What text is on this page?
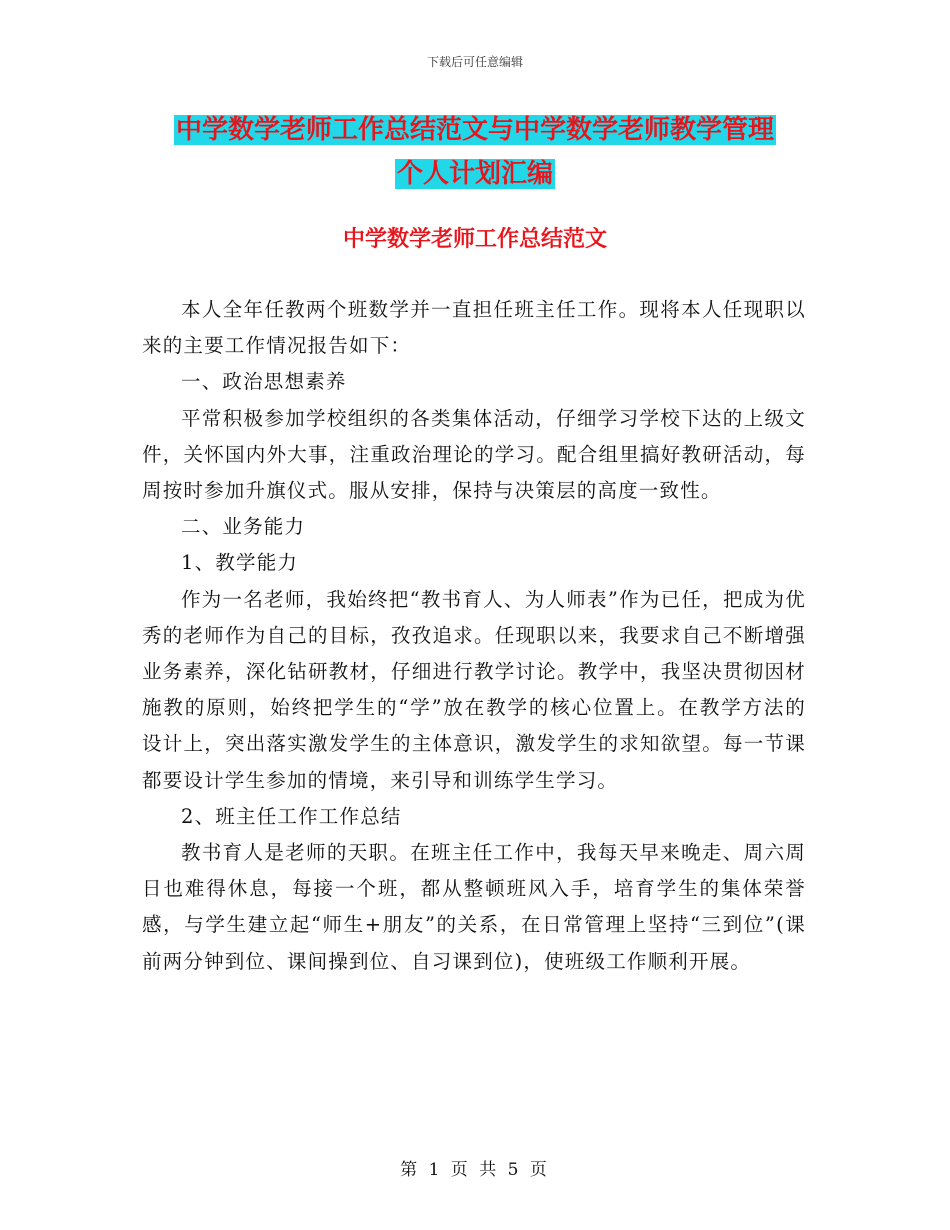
下载后可任意编辑
中学数学老师工作总结范文与中学数学老师教学管理
个人计划汇编
中学数学老师工作总结范文

本人全年任教两个班数学并一直担任班主任工作。现将本人任现职以来的主要工作情况报告如下：

一、政治思想素养

平常积极参加学校组织的各类集体活动，仔细学习学校下达的上级文件，关怀国内外大事，注重政治理论的学习。配合组里搞好教研活动，每周按时参加升旗仪式。服从安排，保持与决策层的高度一致性。

二、业务能力

1、教学能力

作为一名老师，我始终把“教书育人、为人师表”作为已任，把成为优秀的老师作为自己的目标，孜孜追求。任现职以来，我要求自己不断增强业务素养，深化钻研教材，仔细进行教学讨论。教学中，我坚决贯彻因材施教的原则，始终把学生的“学”放在教学的核心位置上。在教学方法的设计上，突出落实激发学生的主体意识，激发学生的求知欲望。每一节课都要设计学生参加的情境，来引导和训练学生学习。

2、班主任工作工作总结

教书育人是老师的天职。在班主任工作中，我每天早来晚走、周六周日也难得休息，每接一个班，都从整顿班风入手，培育学生的集体荣誉感，与学生建立起“师生+朋友”的关系，在日常管理上坚持“三到位”(课前两分钟到位、课间操到位、自习课到位)，使班级工作顺利开展。

第 1 页 共 5 页
